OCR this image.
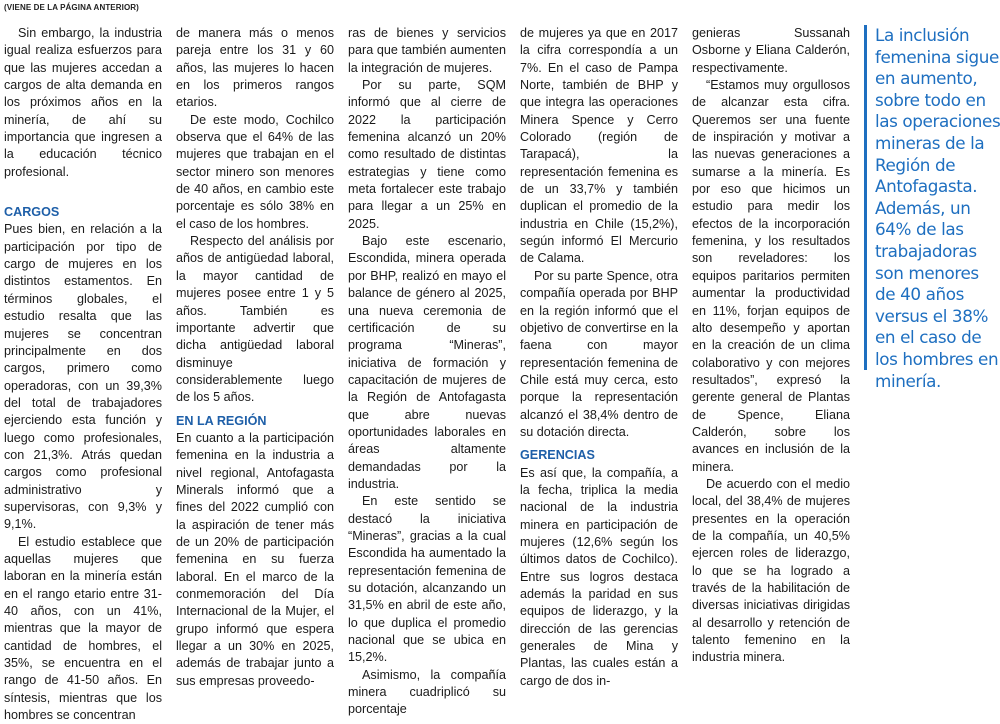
(VIENE DE LA PÁGINA ANTERIOR)

Sin embargo, la industria igual realiza esfuerzos para que las mujeres accedan a cargos de alta demanda en los próximos años en la minería, de ahí su importancia que ingresen a la educación técnico profesional.

CARGOS

Pues bien, en relación a la participación por tipo de cargo de mujeres en los distintos estamentos. En términos globales, el estudio resalta que las mujeres se concentran principalmente en dos cargos, primero como operadoras, con un 39,3% del total de trabajadores ejerciendo esta función y luego como profesionales, con 21,3%. Atrás quedan cargos como profesional administrativo y supervisoras, con 9,3% y 9,1%.

El estudio establece que aquellas mujeres que laboran en la minería están en el rango etario entre 31-40 años, con un 41%, mientras que la mayor de cantidad de hombres, el 35%, se encuentra en el rango de 41-50 años. En síntesis, mientras que los hombres se concentran

de manera más o menos pareja entre los 31 y 60 años, las mujeres lo hacen en los primeros rangos etarios.

De este modo, Cochilco observa que el 64% de las mujeres que trabajan en el sector minero son menores de 40 años, en cambio este porcentaje es sólo 38% en el caso de los hombres.

Respecto del análisis por años de antigüedad laboral, la mayor cantidad de mujeres posee entre 1 y 5 años. También es importante advertir que dicha antigüedad laboral disminuye considerablemente luego de los 5 años.

EN LA REGIÓN

En cuanto a la participación femenina en la industria a nivel regional, Antofagasta Minerals informó que a fines del 2022 cumplió con la aspiración de tener más de un 20% de participación femenina en su fuerza laboral. En el marco de la conmemoración del Día Internacional de la Mujer, el grupo informó que espera llegar a un 30% en 2025, además de trabajar junto a sus empresas proveedo-

ras de bienes y servicios para que también aumenten la integración de mujeres.

Por su parte, SQM informó que al cierre de 2022 la participación femenina alcanzó un 20% como resultado de distintas estrategias y tiene como meta fortalecer este trabajo para llegar a un 25% en 2025.

Bajo este escenario, Escondida, minera operada por BHP, realizó en mayo el balance de género al 2025, una nueva ceremonia de certificación de su programa “Mineras”, iniciativa de formación y capacitación de mujeres de la Región de Antofagasta que abre nuevas oportunidades laborales en áreas altamente demandadas por la industria.

En este sentido se destacó la iniciativa “Mineras”, gracias a la cual Escondida ha aumentado la representación femenina de su dotación, alcanzando un 31,5% en abril de este año, lo que duplica el promedio nacional que se ubica en 15,2%.

Asimismo, la compañía minera cuadriplicó su porcentaje

de mujeres ya que en 2017 la cifra correspondía a un 7%. En el caso de Pampa Norte, también de BHP y que integra las operaciones Minera Spence y Cerro Colorado (región de Tarapacá), la representación femenina es de un 33,7% y también duplican el promedio de la industria en Chile (15,2%), según informó El Mercurio de Calama.

Por su parte Spence, otra compañía operada por BHP en la región informó que el objetivo de convertirse en la faena con mayor representación femenina de Chile está muy cerca, esto porque la representación alcanzó el 38,4% dentro de su dotación directa.

GERENCIAS

Es así que, la compañía, a la fecha, triplica la media nacional de la industria minera en participación de mujeres (12,6% según los últimos datos de Cochilco). Entre sus logros destaca además la paridad en sus equipos de liderazgo, y la dirección de las gerencias generales de Mina y Plantas, las cuales están a cargo de dos in-

genieras Sussanah Osborne y Eliana Calderón, respectivamente.

“Estamos muy orgullosos de alcanzar esta cifra. Queremos ser una fuente de inspiración y motivar a las nuevas generaciones a sumarse a la minería. Es por eso que hicimos un estudio para medir los efectos de la incorporación femenina, y los resultados son reveladores: los equipos paritarios permiten aumentar la productividad en 11%, forjan equipos de alto desempeño y aportan en la creación de un clima colaborativo y con mejores resultados”, expresó la gerente general de Plantas de Spence, Eliana Calderón, sobre los avances en inclusión de la minera.

De acuerdo con el medio local, del 38,4% de mujeres presentes en la operación de la compañía, un 40,5% ejercen roles de liderazgo, lo que se ha logrado a través de la habilitación de diversas iniciativas dirigidas al desarrollo y retención de talento femenino en la industria minera.

La inclusión femenina sigue en aumento, sobre todo en las operaciones mineras de la Región de Antofagasta. Además, un 64% de las trabajadoras son menores de 40 años versus el 38% en el caso de los hombres en minería.
